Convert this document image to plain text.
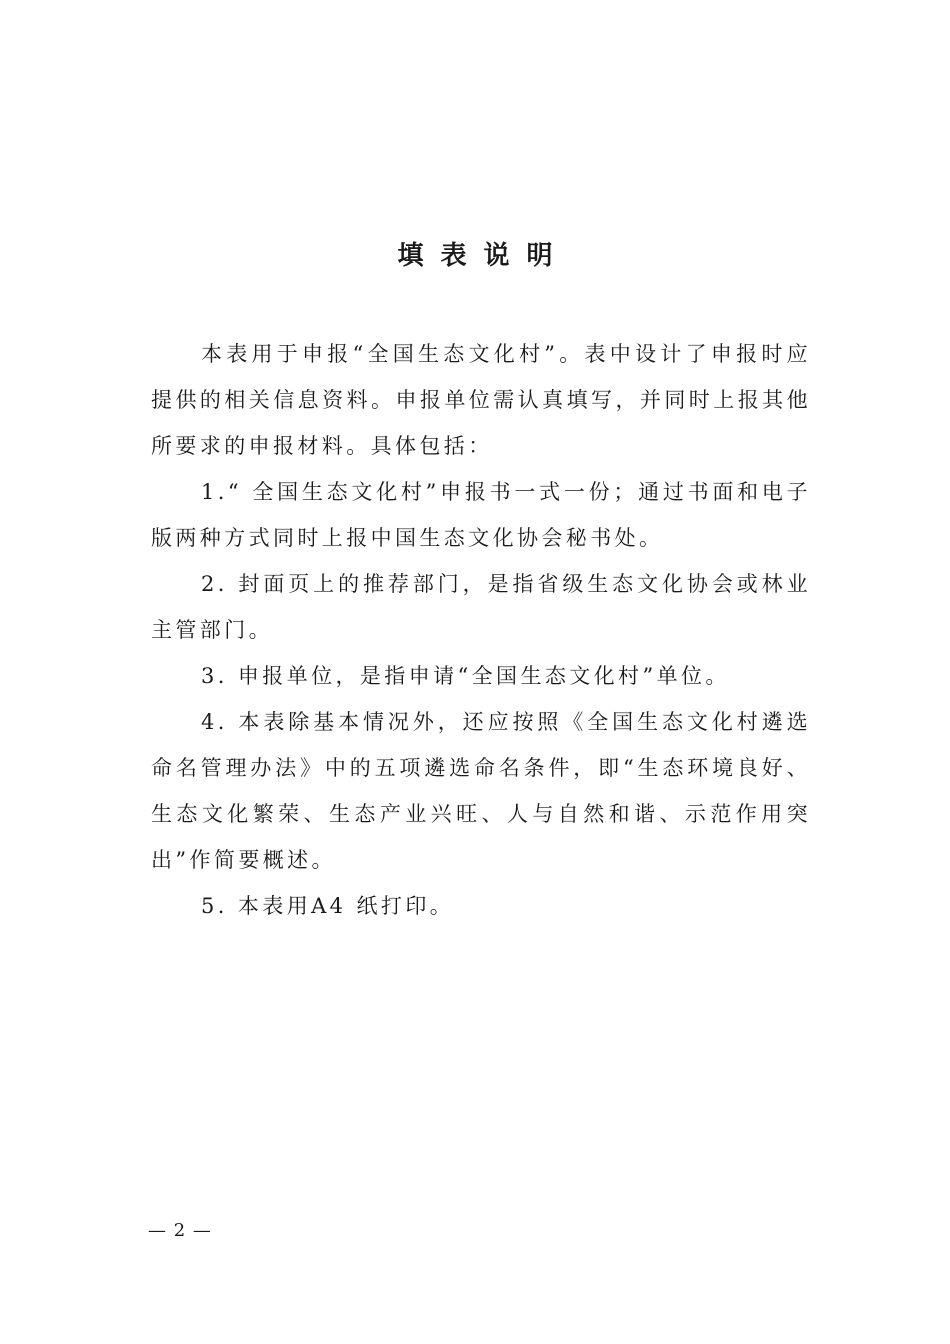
填表说明

本表用于申报“全国生态文化村”。表中设计了申报时应提供的相关信息资料。申报单位需认真填写，并同时上报其他所要求的申报材料。具体包括：

1.“ 全国生态文化村”申报书一式一份；通过书面和电子版两种方式同时上报中国生态文化协会秘书处。

2. 封面页上的推荐部门，是指省级生态文化协会或林业主管部门。

3. 申报单位，是指申请“全国生态文化村”单位。

4. 本表除基本情况外，还应按照《全国生态文化村遴选命名管理办法》中的五项遴选命名条件，即“生态环境良好、生态文化繁荣、生态产业兴旺、人与自然和谐、示范作用突出”作简要概述。

5. 本表用A4 纸打印。

— 2 —
